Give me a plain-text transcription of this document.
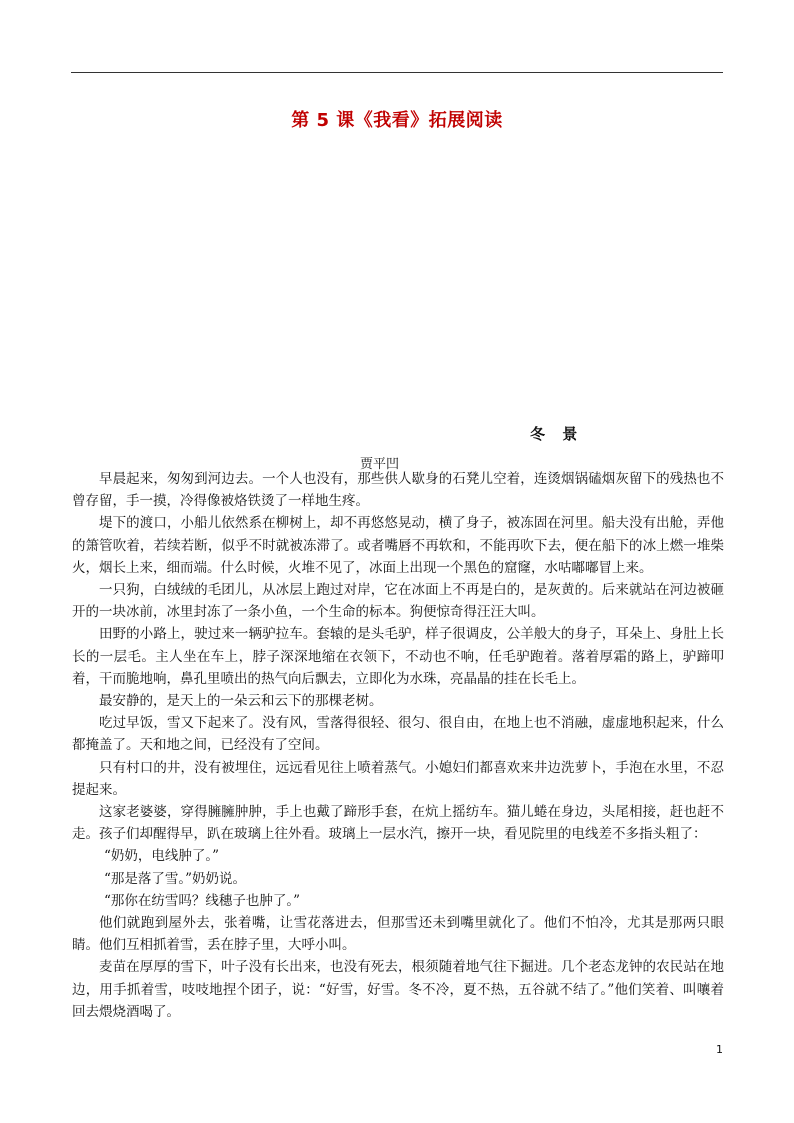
第 5 课《我看》拓展阅读
冬 景
贾平凹

早晨起来，匆匆到河边去。一个人也没有，那些供人歇身的石凳儿空着，连烫烟锅磕烟灰留下的残热也不曾存留，手一摸，冷得像被烙铁烫了一样地生疼。

堤下的渡口，小船儿依然系在柳树上，却不再悠悠晃动，横了身子，被冻固在河里。船夫没有出舱，弄他的箫管吹着，若续若断，似乎不时就被冻滞了。或者嘴唇不再软和，不能再吹下去，便在船下的冰上燃一堆柴火，烟长上来，细而端。什么时候，火堆不见了，冰面上出现一个黑色的窟窿，水咕嘟嘟冒上来。

一只狗，白绒绒的毛团儿，从冰层上跑过对岸，它在冰面上不再是白的，是灰黄的。后来就站在河边被砸开的一块冰前，冰里封冻了一条小鱼，一个生命的标本。狗便惊奇得汪汪大叫。

田野的小路上，驶过来一辆驴拉车。套辕的是头毛驴，样子很调皮，公羊般大的身子，耳朵上、身肚上长长的一层毛。主人坐在车上，脖子深深地缩在衣领下，不动也不响，任毛驴跑着。落着厚霜的路上，驴蹄叩着，干而脆地响，鼻孔里喷出的热气向后飘去，立即化为水珠，亮晶晶的挂在长毛上。

最安静的，是天上的一朵云和云下的那棵老树。

吃过早饭，雪又下起来了。没有风，雪落得很轻、很匀、很自由，在地上也不消融，虚虚地积起来，什么都掩盖了。天和地之间，已经没有了空间。

只有村口的井，没有被埋住，远远看见往上喷着蒸气。小媳妇们都喜欢来井边洗萝卜，手泡在水里，不忍提起来。

这家老婆婆，穿得臃臃肿肿，手上也戴了蹄形手套，在炕上摇纺车。猫儿蜷在身边，头尾相接，赶也赶不走。孩子们却醒得早，趴在玻璃上往外看。玻璃上一层水汽，擦开一块，看见院里的电线差不多指头粗了：

“奶奶，电线肿了。”

“那是落了雪。”奶奶说。

“那你在纺雪吗？线穗子也肿了。”

他们就跑到屋外去，张着嘴，让雪花落进去，但那雪还未到嘴里就化了。他们不怕冷，尤其是那两只眼睛。他们互相抓着雪，丢在脖子里，大呼小叫。

麦苗在厚厚的雪下，叶子没有长出来，也没有死去，根须随着地气往下掘进。几个老态龙钟的农民站在地边，用手抓着雪，吱吱地捏个团子，说：“好雪，好雪。冬不冷，夏不热，五谷就不结了。”他们笑着、叫嚷着回去煨烧酒喝了。

1
